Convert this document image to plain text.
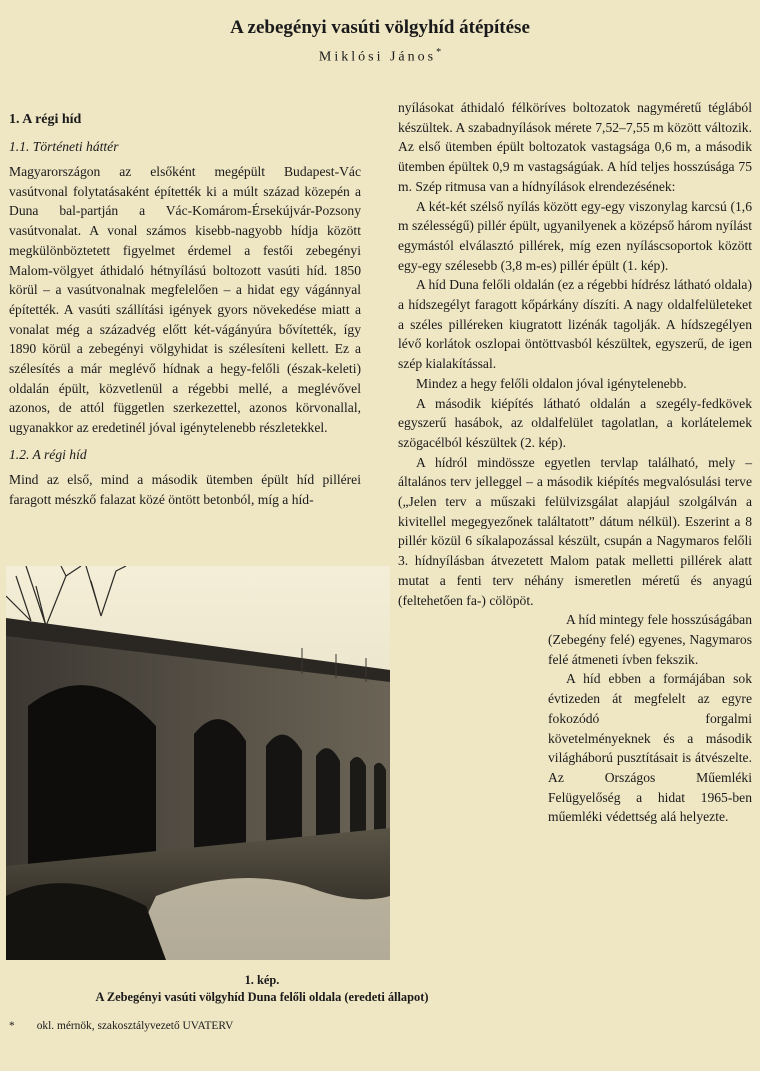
A zebegényi vasúti völgyhíd átépítése
Miklósi János*
1. A régi híd
1.1. Történeti háttér

Magyarországon az elsőként megépült Budapest-Vác vasútvonal folytatásaként építették ki a múlt század közepén a Duna bal-partján a Vác-Komárom-Érsekújvár-Pozsony vasútvonalat. A vonal számos kisebb-nagyobb hídja között megkülönböztetett figyelmet érdemel a festői zebegényi Malom-völgyet áthidaló hétnyílású boltozott vasúti híd. 1850 körül – a vasútvonalnak megfelelően – a hidat egy vágánnyal építették. A vasúti szállítási igények gyors növekedése miatt a vonalat még a századvég előtt két-vágányúra bővítették, így 1890 körül a zebegényi völgyhidat is szélesíteni kellett. Ez a szélesítés a már meglévő hídnak a hegy-felőli (észak-keleti) oldalán épült, közvetlenül a régebbi mellé, a meglévővel azonos, de attól független szerkezettel, azonos körvonallal, ugyanakkor az eredetinél jóval igénytelenebb részletekkel.

1.2. A régi híd

Mind az első, mind a második ütemben épült híd pillérei faragott mészkő falazat közé öntött betonból, míg a híd-

nyílásokat áthidaló félköríves boltozatok nagyméretű téglából készültek. A szabadnyílások mérete 7,52–7,55 m között változik. Az első ütemben épült boltozatok vastagsága 0,6 m, a második ütemben épültek 0,9 m vastagságúak. A híd teljes hosszúsága 75 m. Szép ritmusa van a hídnyílások elrendezésének:

A két-két szélső nyílás között egy-egy viszonylag karcsú (1,6 m szélességű) pillér épült, ugyanilyenek a középső három nyílást egymástól elválasztó pillérek, míg ezen nyíláscsoportok között egy-egy szélesebb (3,8 m-es) pillér épült (1. kép).

A híd Duna felőli oldalán (ez a régebbi hídrész látható oldala) a hídszegélyt faragott kőpárkány díszíti. A nagy oldalfelületeket a széles pilléreken kiugratott lizénák tagolják. A hídszegélyen lévő korlátok oszlopai öntöttvasból készültek, egyszerű, de igen szép kialakítással.

Mindez a hegy felőli oldalon jóval igénytelenebb.

A második kiépítés látható oldalán a szegély-fedkövek egyszerű hasábok, az oldalfelület tagolatlan, a korlátelemek szögacélból készültek (2. kép).

A hídról mindössze egyetlen tervlap található, mely – általános terv jelleggel – a második kiépítés megvalósulási terve („Jelen terv a műszaki felülvizsgálat alapjául szolgálván a kivitellel megegyezőnek találtatott” dátum nélkül). Eszerint a 8 pillér közül 6 síkalapozással készült, csupán a Nagymaros felőli 3. hídnyílásban átvezetett Malom patak melletti pillérek alatt mutat a fenti terv néhány ismeretlen méretű és anyagú (feltehetően fa-) cölöpöt.

A híd mintegy fele hosszúságában (Zebegény felé) egyenes, Nagymaros felé átmeneti ívben fekszik.

A híd ebben a formájában sok évtizeden át megfelelt az egyre fokozódó forgalmi követelményeknek és a második világháború pusztításait is átvészelte. Az Országos Műemléki Felügyelőség a hidat 1965-ben műemléki védettség alá helyezte.

1. kép.
A Zebegényi vasúti völgyhíd Duna felőli oldala (eredeti állapot)
* okl. mérnök, szakosztályvezető UVATERV
